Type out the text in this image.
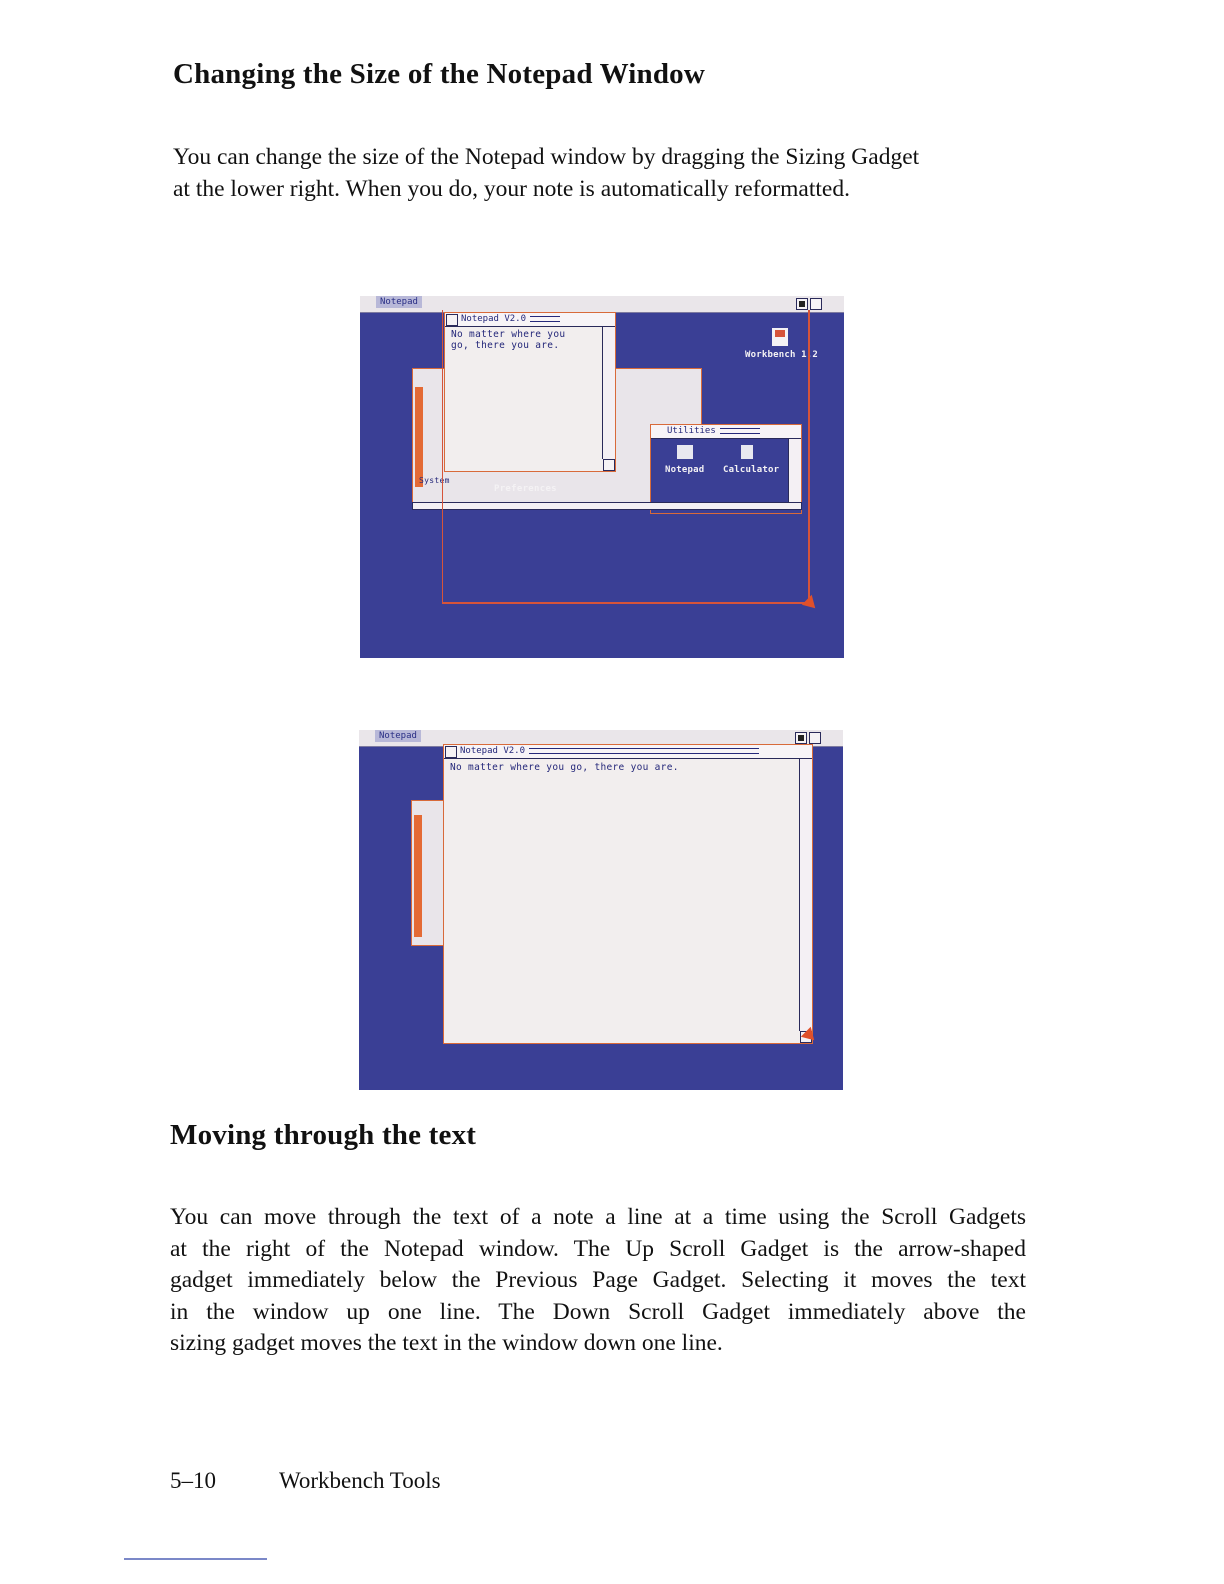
Changing the Size of the Notepad Window

You can change the size of the Notepad window by dragging the Sizing Gadget
at the lower right. When you do, your note is automatically reformatted.

Notepad
Workbench 1.2
System
Utilities
Notepad Calculator
Notepad V2.0
No matter where you
go, there you are.
Preferences
Notepad
Notepad V2.0
No matter where you go, there you are.
Moving through the text

You can move through the text of a note a line at a time using the Scroll Gadgets
at the right of the Notepad window. The Up Scroll Gadget is the arrow-shaped
gadget immediately below the Previous Page Gadget. Selecting it moves the text
in the window up one line. The Down Scroll Gadget immediately above the
sizing gadget moves the text in the window down one line.

5–10	Workbench Tools
